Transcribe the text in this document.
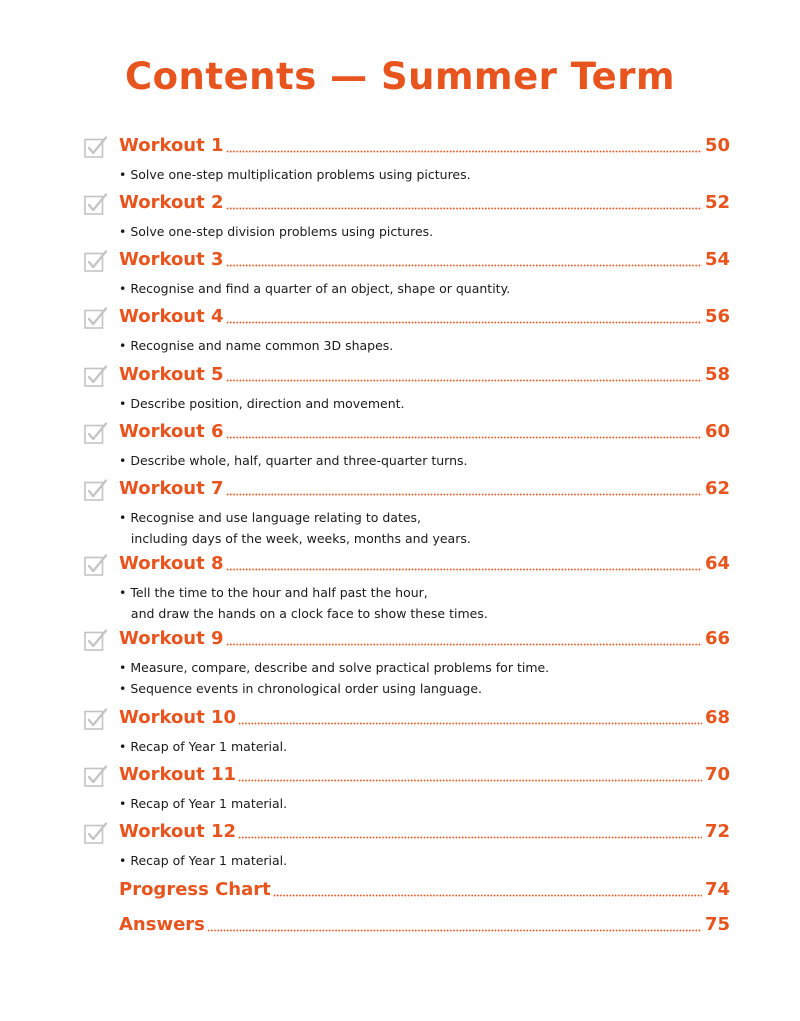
Contents — Summer Term
Workout 1	50
• Solve one-step multiplication problems using pictures.
Workout 2	52
• Solve one-step division problems using pictures.
Workout 3	54
• Recognise and find a quarter of an object, shape or quantity.
Workout 4	56
• Recognise and name common 3D shapes.
Workout 5	58
• Describe position, direction and movement.
Workout 6	60
• Describe whole, half, quarter and three-quarter turns.
Workout 7	62
• Recognise and use language relating to dates,
including days of the week, weeks, months and years.
Workout 8	64
• Tell the time to the hour and half past the hour,
and draw the hands on a clock face to show these times.
Workout 9	66
• Measure, compare, describe and solve practical problems for time.
• Sequence events in chronological order using language.
Workout 10	68
• Recap of Year 1 material.
Workout 11	70
• Recap of Year 1 material.
Workout 12	72
• Recap of Year 1 material.
Progress Chart	74
Answers	75
